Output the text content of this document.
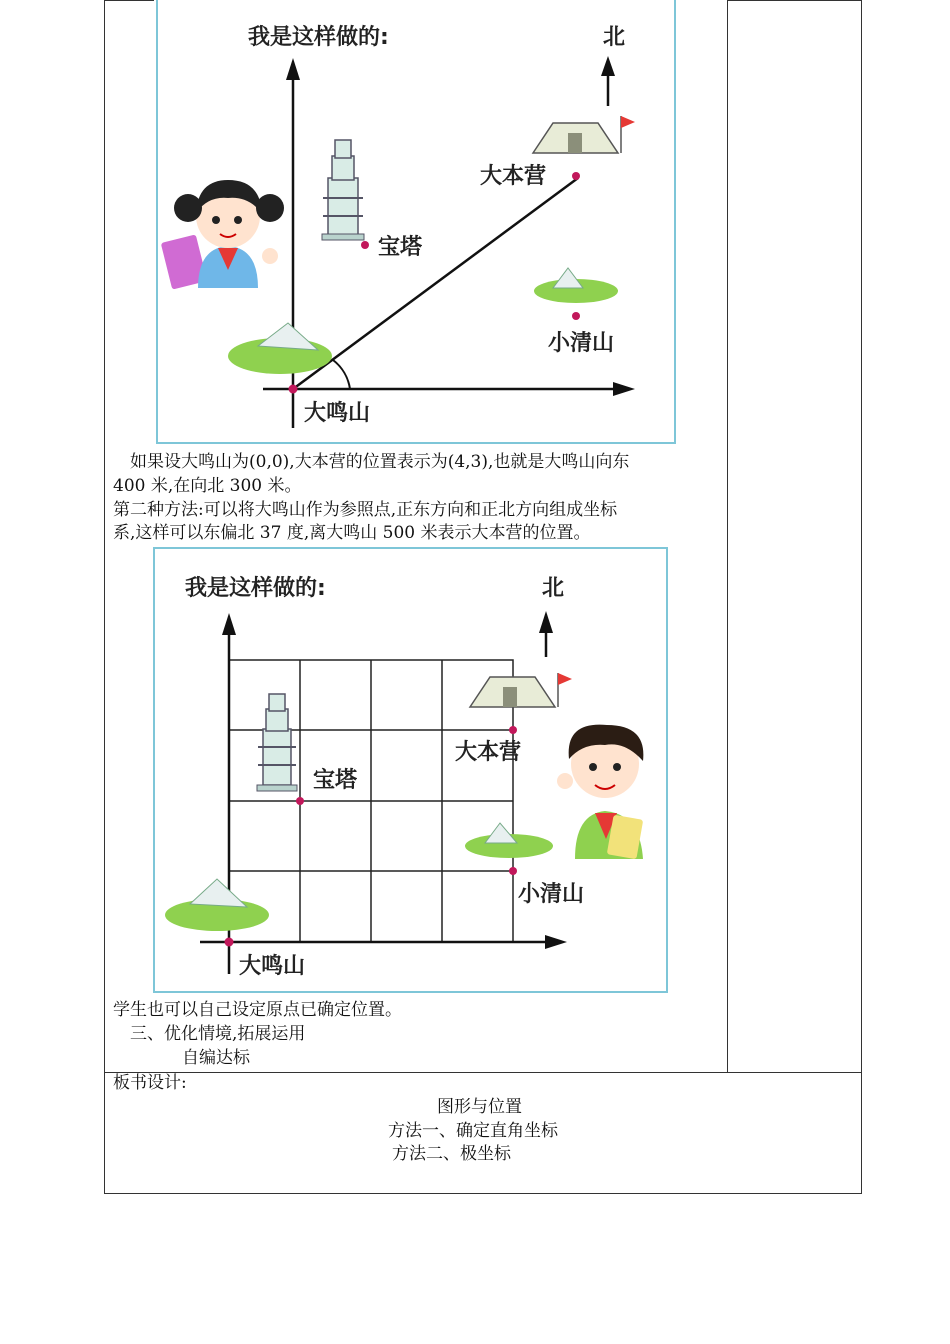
我是这样做的:	北
宝塔
大本营
小清山
大鸣山
如果设大鸣山为(0,0),大本营的位置表示为(4,3),也就是大鸣山向东
400 米,在向北 300 米。
第二种方法:可以将大鸣山作为参照点,正东方向和正北方向组成坐标
系,这样可以东偏北 37 度,离大鸣山 500 米表示大本营的位置。
我是这样做的:	北
宝塔
大本营
小清山
大鸣山
学生也可以自己设定原点已确定位置。
三、优化情境,拓展运用
自编达标
板书设计:
图形与位置
方法一、确定直角坐标
方法二、极坐标
